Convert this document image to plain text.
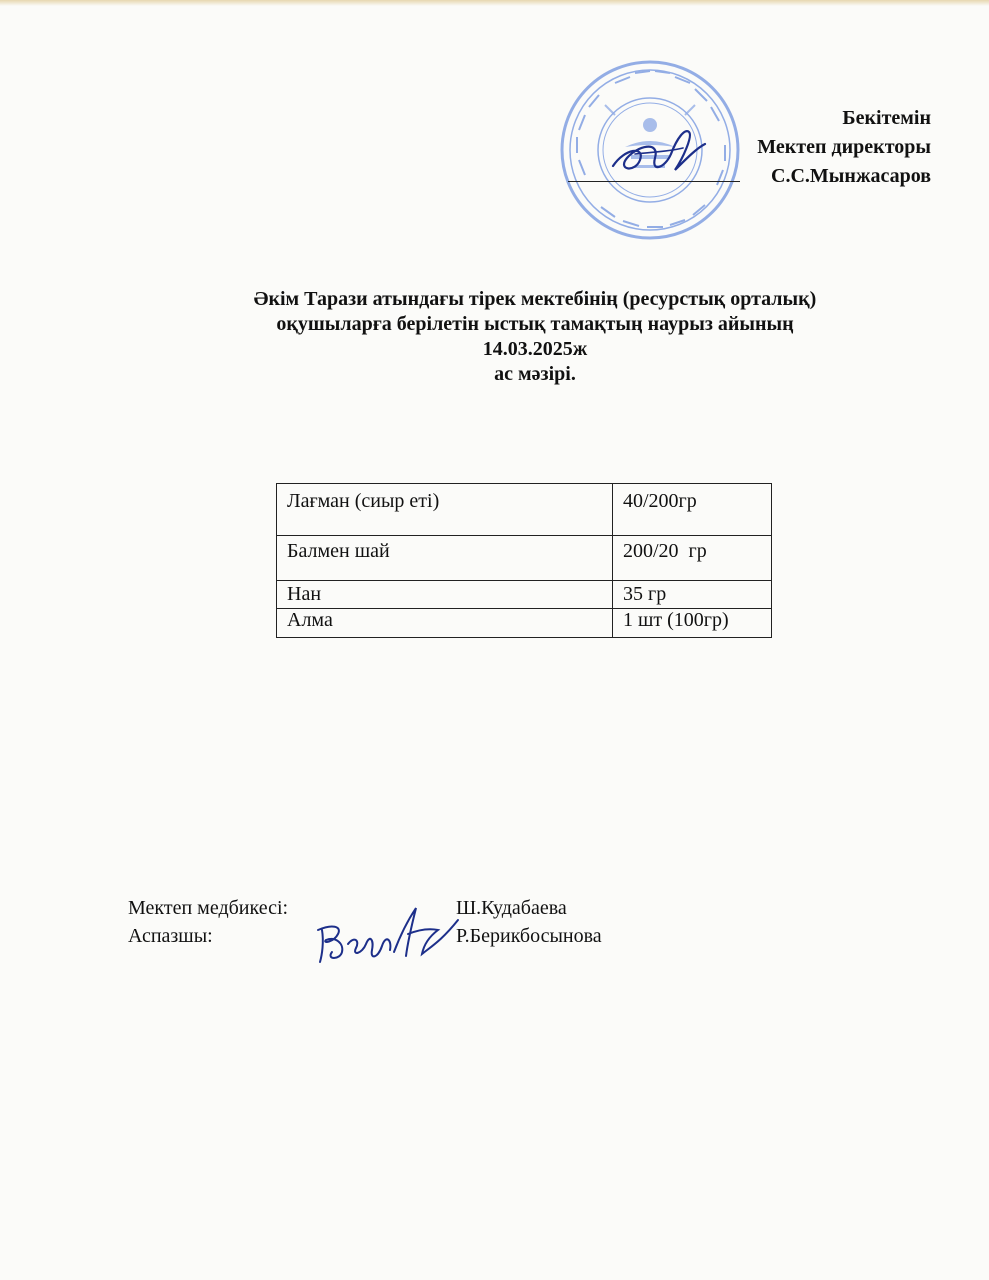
Бекітемін
Мектеп директоры
С.С.Мынжасаров
Әкім Тарази атындағы тірек мектебінің (ресурстық орталық)
оқушыларға берілетін ыстық тамақтың наурыз айының
14.03.2025ж
ас мәзірі.
Лағман (сиыр еті)	40/200гр
Балмен шай	200/20  гр
Нан	35 гр
Алма	1 шт (100гр)
Мектеп медбикесі:	Ш.Кудабаева
Аспазшы:	Р.Берикбосынова
